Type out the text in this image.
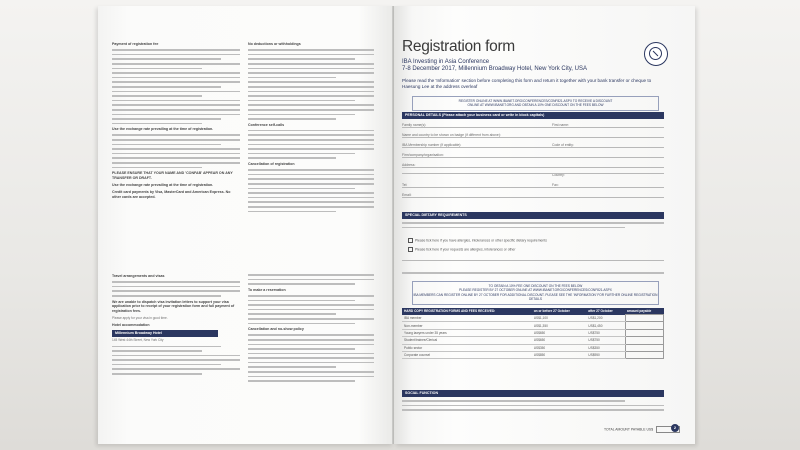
Payment of registration fee

Use the exchange rate prevailing at the time of registration.

PLEASE ENSURE THAT YOUR NAME AND 'CONFAB' APPEAR ON ANY TRANSFER OR DRAFT.

Use the exchange rate prevailing at the time of registration.

Credit card payments by Visa, MasterCard and American Express. No other cards are accepted.

No deductions or withholdings

Conference self-calls

Cancellation of registration

Travel arrangements and visas

We are unable to dispatch visa invitation letters to support your visa application prior to receipt of your registration form and full payment of registration fees.

Please apply for your visa in good time.

Hotel accommodation

Millennium Broadway Hotel

145 West 44th Street, New York City

To make a reservation

Cancellation and no-show policy

Registration form
IBA Investing in Asia Conference
7-8 December 2017, Millennium Broadway Hotel, New York City, USA
Please read the 'Information' section before completing this form and return it together with your bank transfer or cheque to Haesung Lee at the address overleaf
REGISTER ONLINE AT WWW.IBANET.ORG/CONFERENCES/CONF821.ASPX TO RECEIVE A DISCOUNT
ONLINE AT WWW.IBANET.ORG AND OBTAIN A 10% ONE DISCOUNT ON THE FEES BELOW
PERSONAL DETAILS (Please attach your business card or write in block capitals)
Family name(s):	First name:
Name and country to be shown on badge (if different from above):
IBA Membership number (if applicable):	Code of entity:
Firm/company/organisation:
Address:
Country:
Tel:	Fax:
Email:
SPECIAL DIETARY REQUIREMENTS
Please tick here if you have allergies, intolerances or other specific dietary requirements
Please tick here if your requests are allergies, intolerances or other
TO OBTAIN A 10% FEE ONE DISCOUNT ON THE FEES BELOW
PLEASE REGISTER BY 27 OCTOBER ONLINE AT WWW.IBANET.ORG/CONFERENCES/CONF821.ASPX
IBA MEMBERS CAN REGISTER ONLINE BY 27 OCTOBER FOR ADDITIONAL DISCOUNT. PLEASE SEE THE 'INFORMATION' FOR FURTHER ONLINE REGISTRATION DETAILS
HARD COPY REGISTRATION FORMS AND FEES RECEIVED:	on or before 27 October	after 27 October	amount payable
IBA member	US$1,100	US$1,200	
Non-member	US$1,350	US$1,450	
Young lawyers under 35 years	US$650	US$750	
Student/trainee/Clerical	US$650	US$750	
Public sector	US$350	US$350	
Corporate counsel	US$850	US$950	
SOCIAL FUNCTION
TOTAL AMOUNT PAYABLE US$	2
